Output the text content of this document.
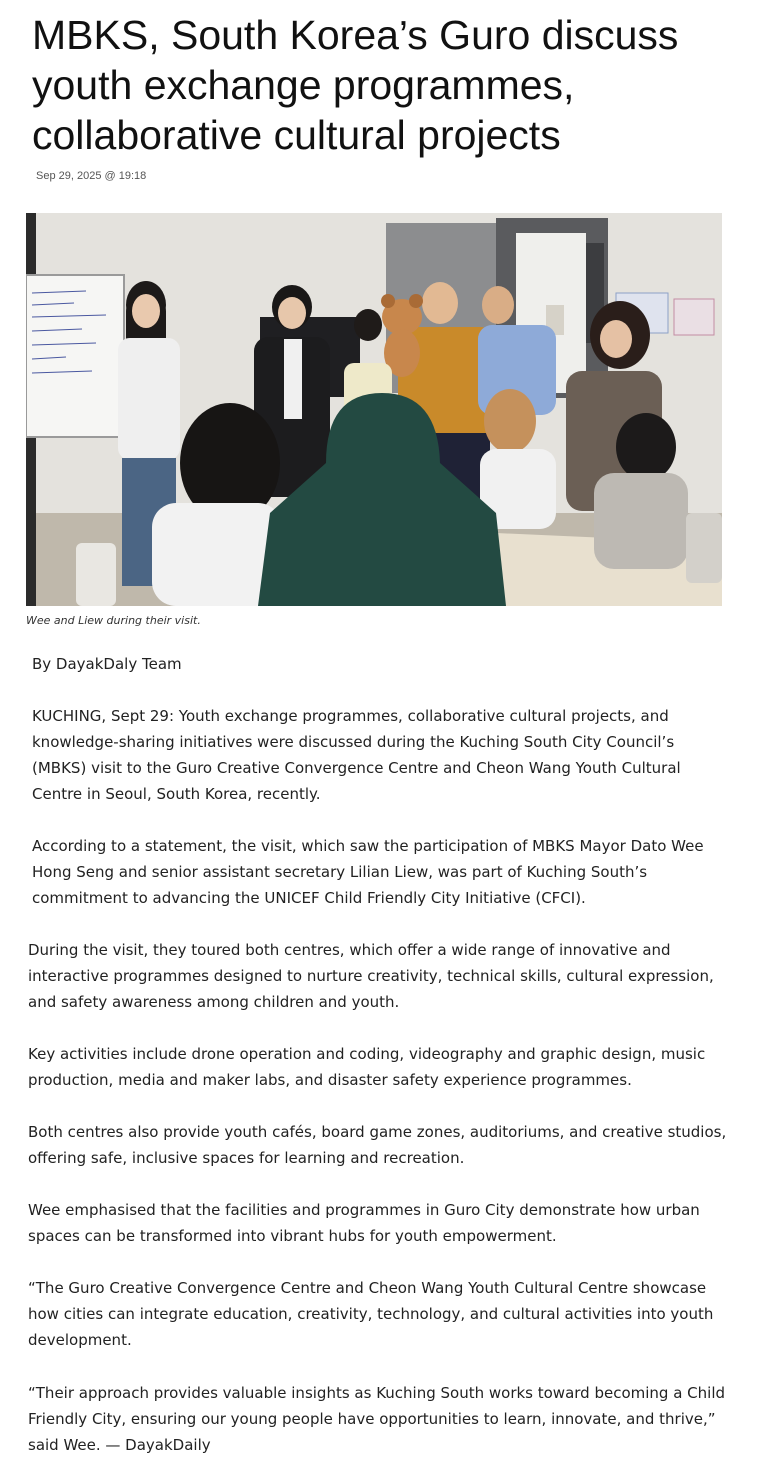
MBKS, South Korea’s Guro discuss youth exchange programmes, collaborative cultural projects
Sep 29, 2025 @ 19:18
Wee and Liew during their visit.

By DayakDaly Team

KUCHING, Sept 29: Youth exchange programmes, collaborative cultural projects, and knowledge-sharing initiatives were discussed during the Kuching South City Council’s (MBKS) visit to the Guro Creative Convergence Centre and Cheon Wang Youth Cultural Centre in Seoul, South Korea, recently.

According to a statement, the visit, which saw the participation of MBKS Mayor Dato Wee Hong Seng and senior assistant secretary Lilian Liew, was part of Kuching South’s commitment to advancing the UNICEF Child Friendly City Initiative (CFCI).

During the visit, they toured both centres, which offer a wide range of innovative and interactive programmes designed to nurture creativity, technical skills, cultural expression, and safety awareness among children and youth.

Key activities include drone operation and coding, videography and graphic design, music production, media and maker labs, and disaster safety experience programmes.

Both centres also provide youth cafés, board game zones, auditoriums, and creative studios, offering safe, inclusive spaces for learning and recreation.

Wee emphasised that the facilities and programmes in Guro City demonstrate how urban spaces can be transformed into vibrant hubs for youth empowerment.

“The Guro Creative Convergence Centre and Cheon Wang Youth Cultural Centre showcase how cities can integrate education, creativity, technology, and cultural activities into youth development.

“Their approach provides valuable insights as Kuching South works toward becoming a Child Friendly City, ensuring our young people have opportunities to learn, innovate, and thrive,” said Wee. — DayakDaily
